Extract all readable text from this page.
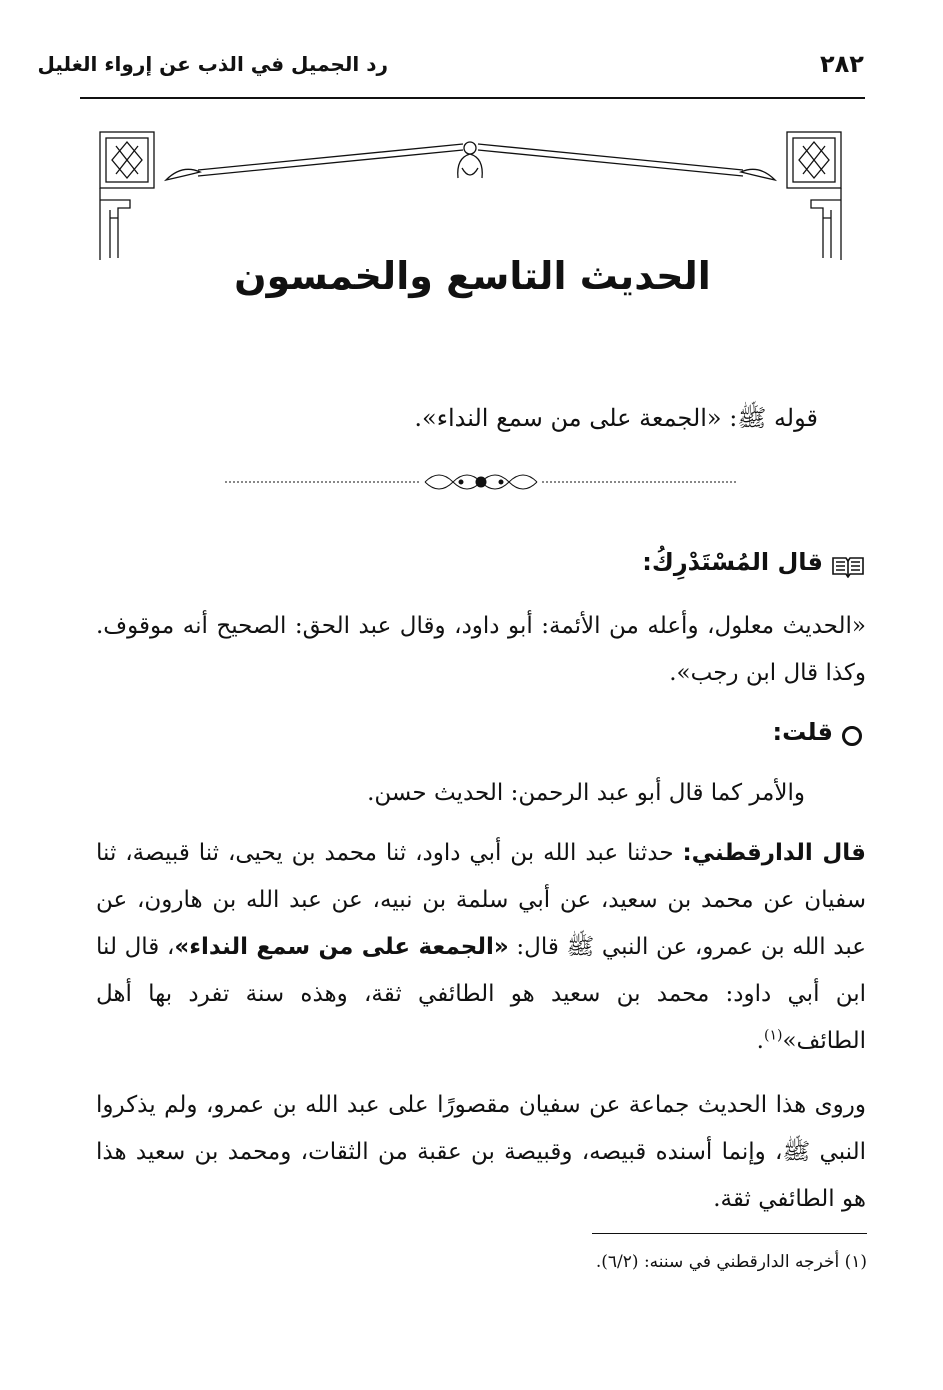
رد الجميل في الذب عن إرواء الغليل	٢٨٢
الحديث التاسع والخمسون
قوله ﷺ: «الجمعة على من سمع النداء».
قال المُسْتَدْرِكُ:
«الحديث معلول، وأعله من الأئمة: أبو داود، وقال عبد الحق: الصحيح أنه موقوف. وكذا قال ابن رجب».
قلت:
والأمر كما قال أبو عبد الرحمن: الحديث حسن.
قال الدارقطني: حدثنا عبد الله بن أبي داود، ثنا محمد بن يحيى، ثنا قبيصة، ثنا سفيان عن محمد بن سعيد، عن أبي سلمة بن نبيه، عن عبد الله بن هارون، عن عبد الله بن عمرو، عن النبي ﷺ قال: «الجمعة على من سمع النداء»، قال لنا ابن أبي داود: محمد بن سعيد هو الطائفي ثقة، وهذه سنة تفرد بها أهل الطائف»$^{(١)}$.
وروى هذا الحديث جماعة عن سفيان مقصورًا على عبد الله بن عمرو، ولم يذكروا النبي ﷺ، وإنما أسنده قبيصه، وقبيصة بن عقبة من الثقات، ومحمد بن سعيد هذا هو الطائفي ثقة.
(١) أخرجه الدارقطني في سننه: (٦/٢).
